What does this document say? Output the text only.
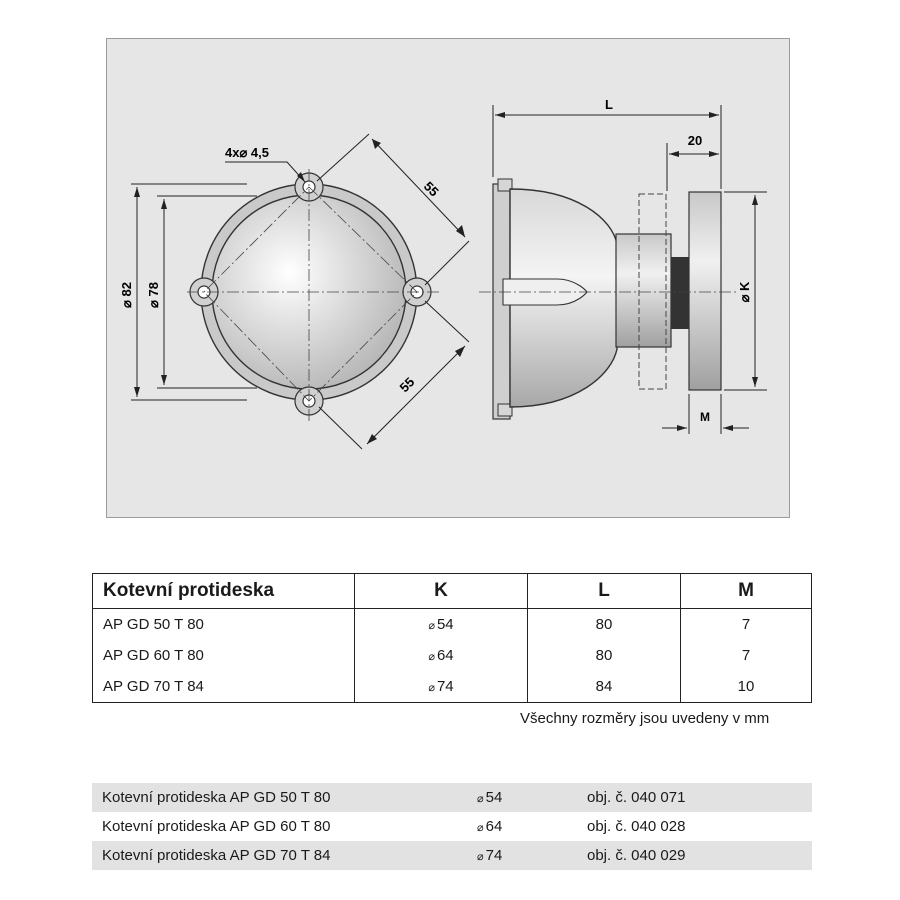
⌀ 82 ⌀ 78
4x⌀ 4,5
55
55
L
20
⌀ K
M
Kotevní protideska	K	L	M
AP GD 50 T 80	⌀ 54	80	7
AP GD 60 T 80	⌀ 64	80	7
AP GD 70 T 84	⌀ 74	84	10
Všechny rozměry jsou uvedeny v mm
Kotevní protideska AP GD 50 T 80	⌀ 54	obj. č. 040 071
Kotevní protideska AP GD 60 T 80	⌀ 64	obj. č. 040 028
Kotevní protideska AP GD 70 T 84	⌀ 74	obj. č. 040 029
